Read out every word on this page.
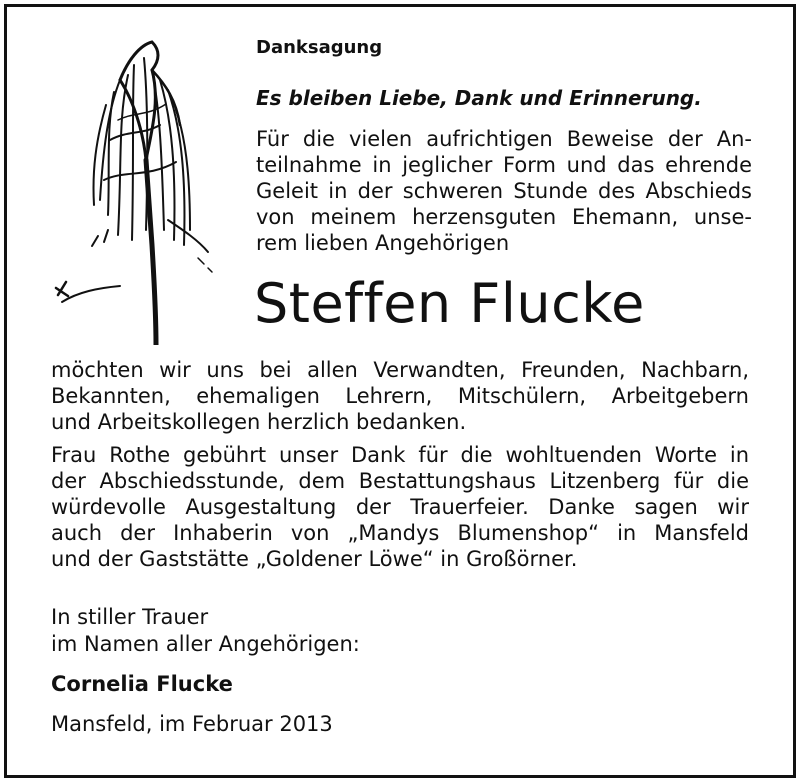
Danksagung
Es bleiben Liebe, Dank und Erinnerung.
Für die vielen aufrichtigen Beweise der An-
teilnahme in jeglicher Form und das ehrende
Geleit in der schweren Stunde des Abschieds
von meinem herzensguten Ehemann, unse-
rem lieben Angehörigen
Steffen Flucke
möchten wir uns bei allen Verwandten, Freunden, Nachbarn,
Bekannten, ehemaligen Lehrern, Mitschülern, Arbeitgebern
und Arbeitskollegen herzlich bedanken.
Frau Rothe gebührt unser Dank für die wohltuenden Worte in
der Abschiedsstunde, dem Bestattungshaus Litzenberg für die
würdevolle Ausgestaltung der Trauerfeier. Danke sagen wir
auch der Inhaberin von „Mandys Blumenshop“ in Mansfeld
und der Gaststätte „Goldener Löwe“ in Großörner.
In stiller Trauer
im Namen aller Angehörigen:
Cornelia Flucke
Mansfeld, im Februar 2013
